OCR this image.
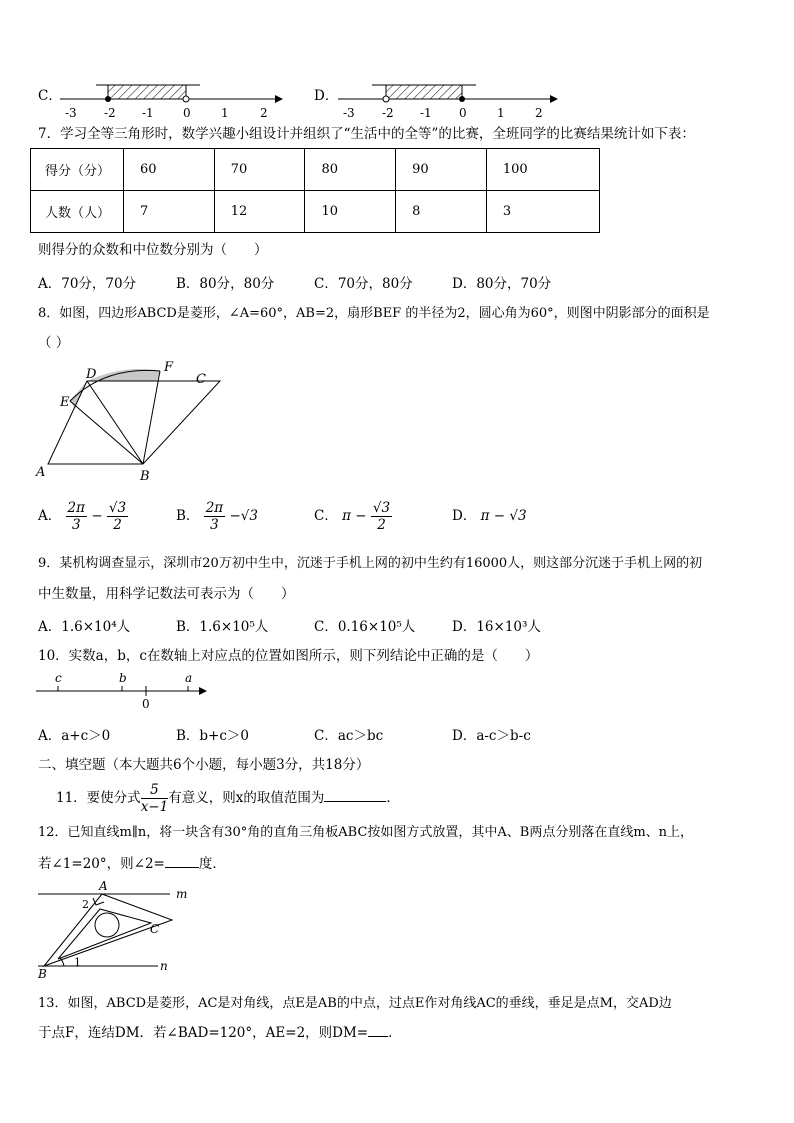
C．
-3 -2 -1 0	1	2
D．
-3 -2 -1 0	1	2
7．学习全等三角形时，数学兴趣小组设计并组织了“生活中的全等”的比赛，全班同学的比赛结果统计如下表：
得分（分）	60	70	80	90	100
人数（人）	7	12	10	8	3
则得分的众数和中位数分别为（　　）
A．70分，70分	B．80分，80分	C．70分，80分	D．80分，70分
8．如图，四边形ABCD是菱形，∠A=60°，AB=2，扇形BEF 的半径为2，圆心角为60°，则图中阴影部分的面积是
（ ）
A	B
C
D
E
F
A． $\frac{2\pi}{3} - \frac{√3}{2}$	B． $\frac{2\pi}{3} -√3$	C． $\pi - \frac{√3}{2}$	D． π − √3
9．某机构调查显示，深圳市20万初中生中，沉迷于手机上网的初中生约有16000人，则这部分沉迷于手机上网的初
中生数量，用科学记数法可表示为（　　）
A．1.6×10⁴人	B．1.6×10⁵人	C．0.16×10⁵人	D．16×10³人
10．实数a，b，c在数轴上对应点的位置如图所示，则下列结论中正确的是（　　）
c	b	a
0
A．a+c＞0	B．b+c＞0	C．ac＞bc	D．a-c＞b-c
二、填空题（本大题共6个小题，每小题3分，共18分）
11．要使分式 $\frac{5}{x-1}$ 有意义，则x的取值范围为	．
12．已知直线m∥n，将一块含有30°角的直角三角板ABC按如图方式放置，其中A、B两点分别落在直线m、n上，
若∠1=20°，则∠2=	度．
A
B
C
m
n
1
2
13．如图，ABCD是菱形，AC是对角线，点E是AB的中点，过点E作对角线AC的垂线，垂足是点M，交AD边
于点F，连结DM．若∠BAD=120°，AE=2，则DM= ．
